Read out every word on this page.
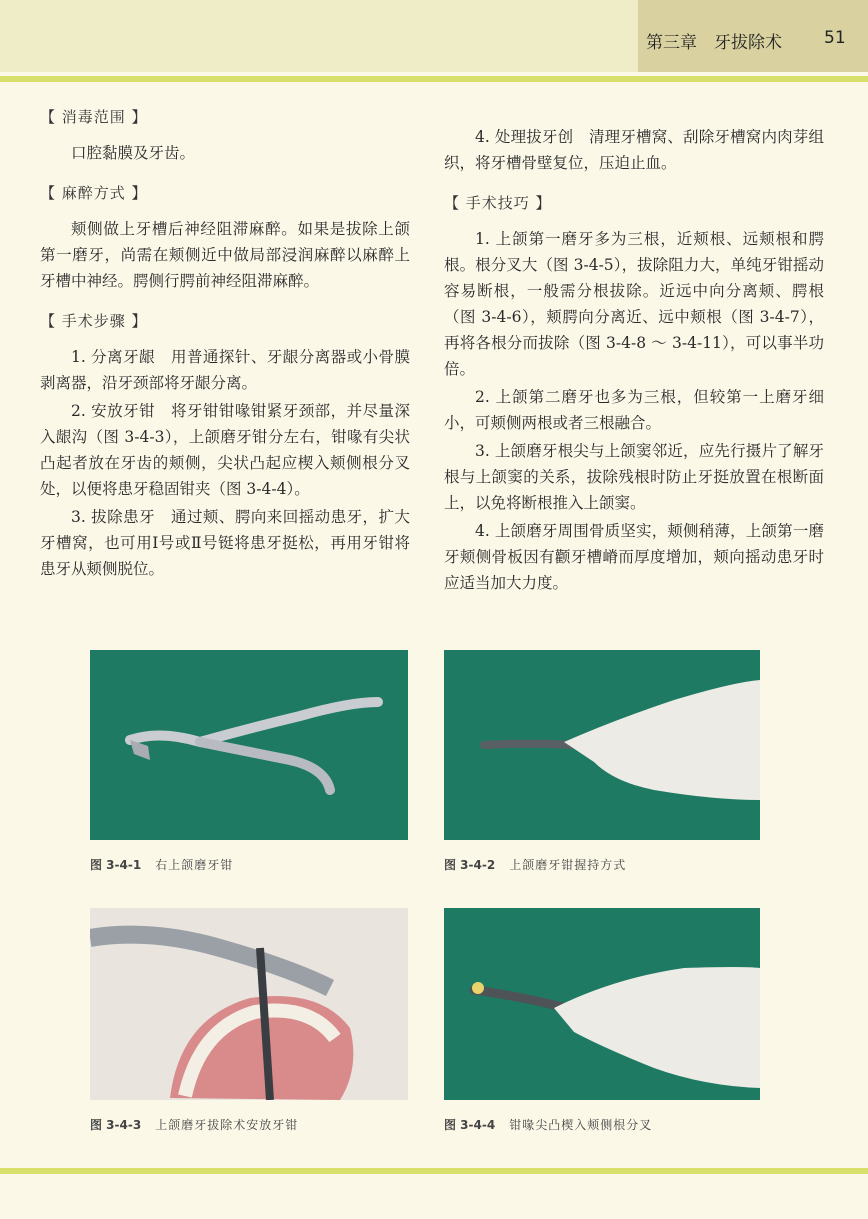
第三章　牙拔除术 51
【 消毒范围 】

口腔黏膜及牙齿。

【 麻醉方式 】

颊侧做上牙槽后神经阻滞麻醉。如果是拔除上颌第一磨牙，尚需在颊侧近中做局部浸润麻醉以麻醉上牙槽中神经。腭侧行腭前神经阻滞麻醉。

【 手术步骤 】

1. 分离牙龈　 用普通探针、牙龈分离器或小骨膜剥离器，沿牙颈部将牙龈分离。

2. 安放牙钳　 将牙钳钳喙钳紧牙颈部，并尽量深入龈沟（图 3-4-3），上颌磨牙钳分左右，钳喙有尖状凸起者放在牙齿的颊侧，尖状凸起应楔入颊侧根分叉处，以便将患牙稳固钳夹（图 3-4-4）。

3. 拔除患牙　 通过颊、腭向来回摇动患牙，扩大牙槽窝，也可用Ⅰ号或Ⅱ号铤将患牙挺松，再用牙钳将患牙从颊侧脱位。

4. 处理拔牙创　 清理牙槽窝、刮除牙槽窝内肉芽组织，将牙槽骨壁复位，压迫止血。

【 手术技巧 】

1. 上颌第一磨牙多为三根，近颊根、远颊根和腭根。根分叉大（图 3-4-5），拔除阻力大，单纯牙钳摇动容易断根，一般需分根拔除。近远中向分离颊、腭根（图 3-4-6），颊腭向分离近、远中颊根（图 3-4-7），再将各根分而拔除（图 3-4-8 ～ 3-4-11），可以事半功倍。

2. 上颌第二磨牙也多为三根，但较第一上磨牙细小，可颊侧两根或者三根融合。

3. 上颌磨牙根尖与上颌窦邻近，应先行摄片了解牙根与上颌窦的关系，拔除残根时防止牙挺放置在根断面上，以免将断根推入上颌窦。

4. 上颌磨牙周围骨质坚实，颊侧稍薄，上颌第一磨牙颊侧骨板因有颧牙槽嵴而厚度增加，颊向摇动患牙时应适当加大力度。

图 3-4-1 右上颌磨牙钳	图 3-4-2 上颌磨牙钳握持方式
图 3-4-3 上颌磨牙拔除术安放牙钳	图 3-4-4 钳喙尖凸楔入颊侧根分叉
